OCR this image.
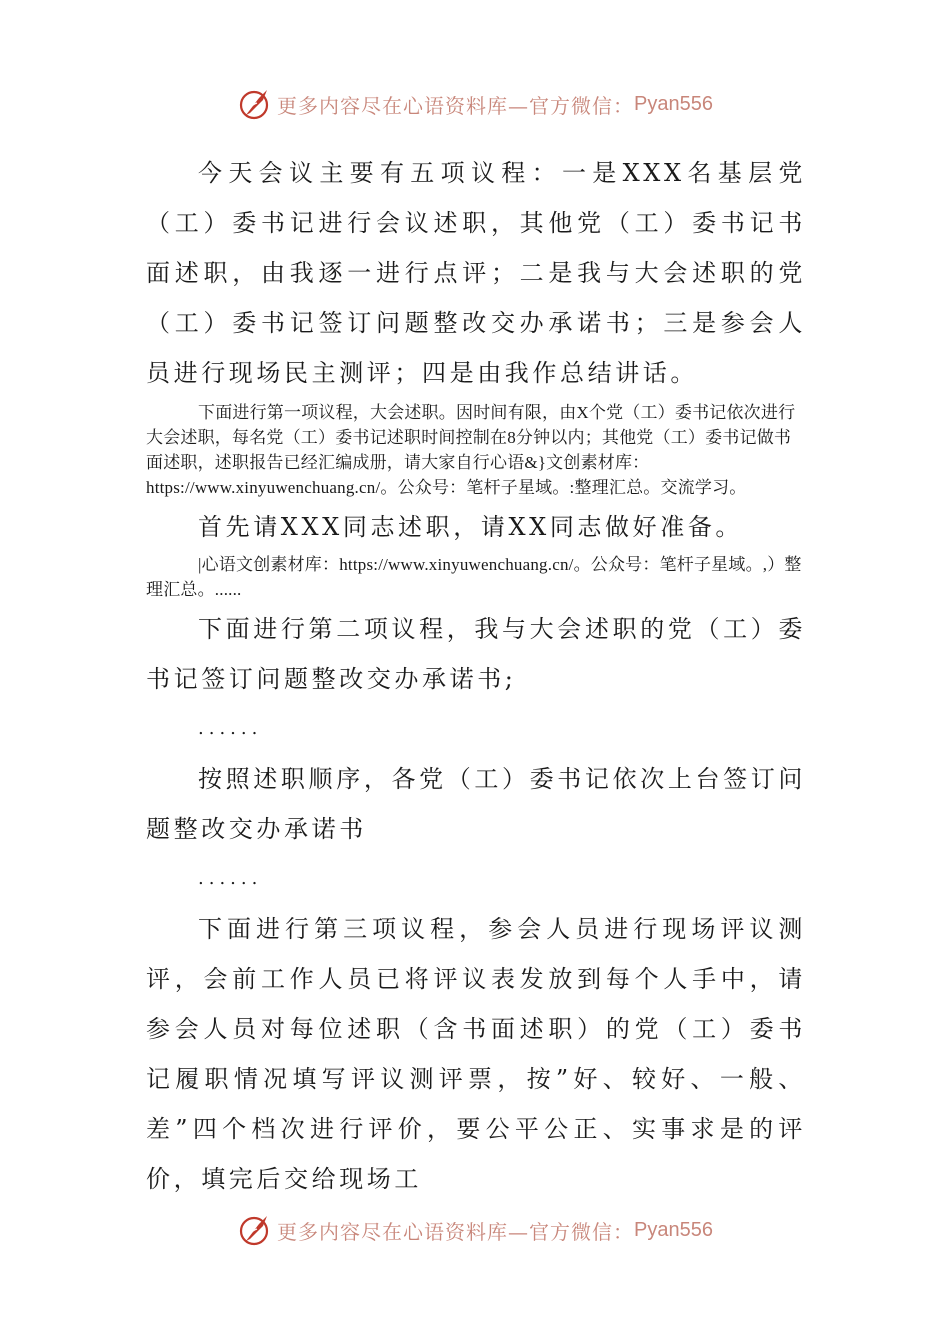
更多内容尽在心语资料库—官方微信： Pyan556

今天会议主要有五项议程：一是XXX名基层党（工）委书记进行会议述职，其他党（工）委书记书面述职，由我逐一进行点评；二是我与大会述职的党（工）委书记签订问题整改交办承诺书；三是参会人员进行现场民主测评；四是由我作总结讲话。

下面进行第一项议程，大会述职。因时间有限，由X个党（工）委书记依次进行大会述职，每名党（工）委书记述职时间控制在8分钟以内；其他党（工）委书记做书面述职，述职报告已经汇编成册，请大家自行心语&}文创素材库：https://www.xinyuwenchuang.cn/。公众号：笔杆子星域。:整理汇总。交流学习。

首先请XXX同志述职，请XX同志做好准备。

|心语文创素材库：https://www.xinyuwenchuang.cn/。公众号：笔杆子星域。,）整理汇总。......

下面进行第二项议程，我与大会述职的党（工）委书记签订问题整改交办承诺书;

......

按照述职顺序，各党（工）委书记依次上台签订问题整改交办承诺书

......

下面进行第三项议程，参会人员进行现场评议测评，会前工作人员已将评议表发放到每个人手中，请参会人员对每位述职（含书面述职）的党（工）委书记履职情况填写评议测评票，按”好、较好、一般、差”四个档次进行评价，要公平公正、实事求是的评价，填完后交给现场工

更多内容尽在心语资料库—官方微信： Pyan556
